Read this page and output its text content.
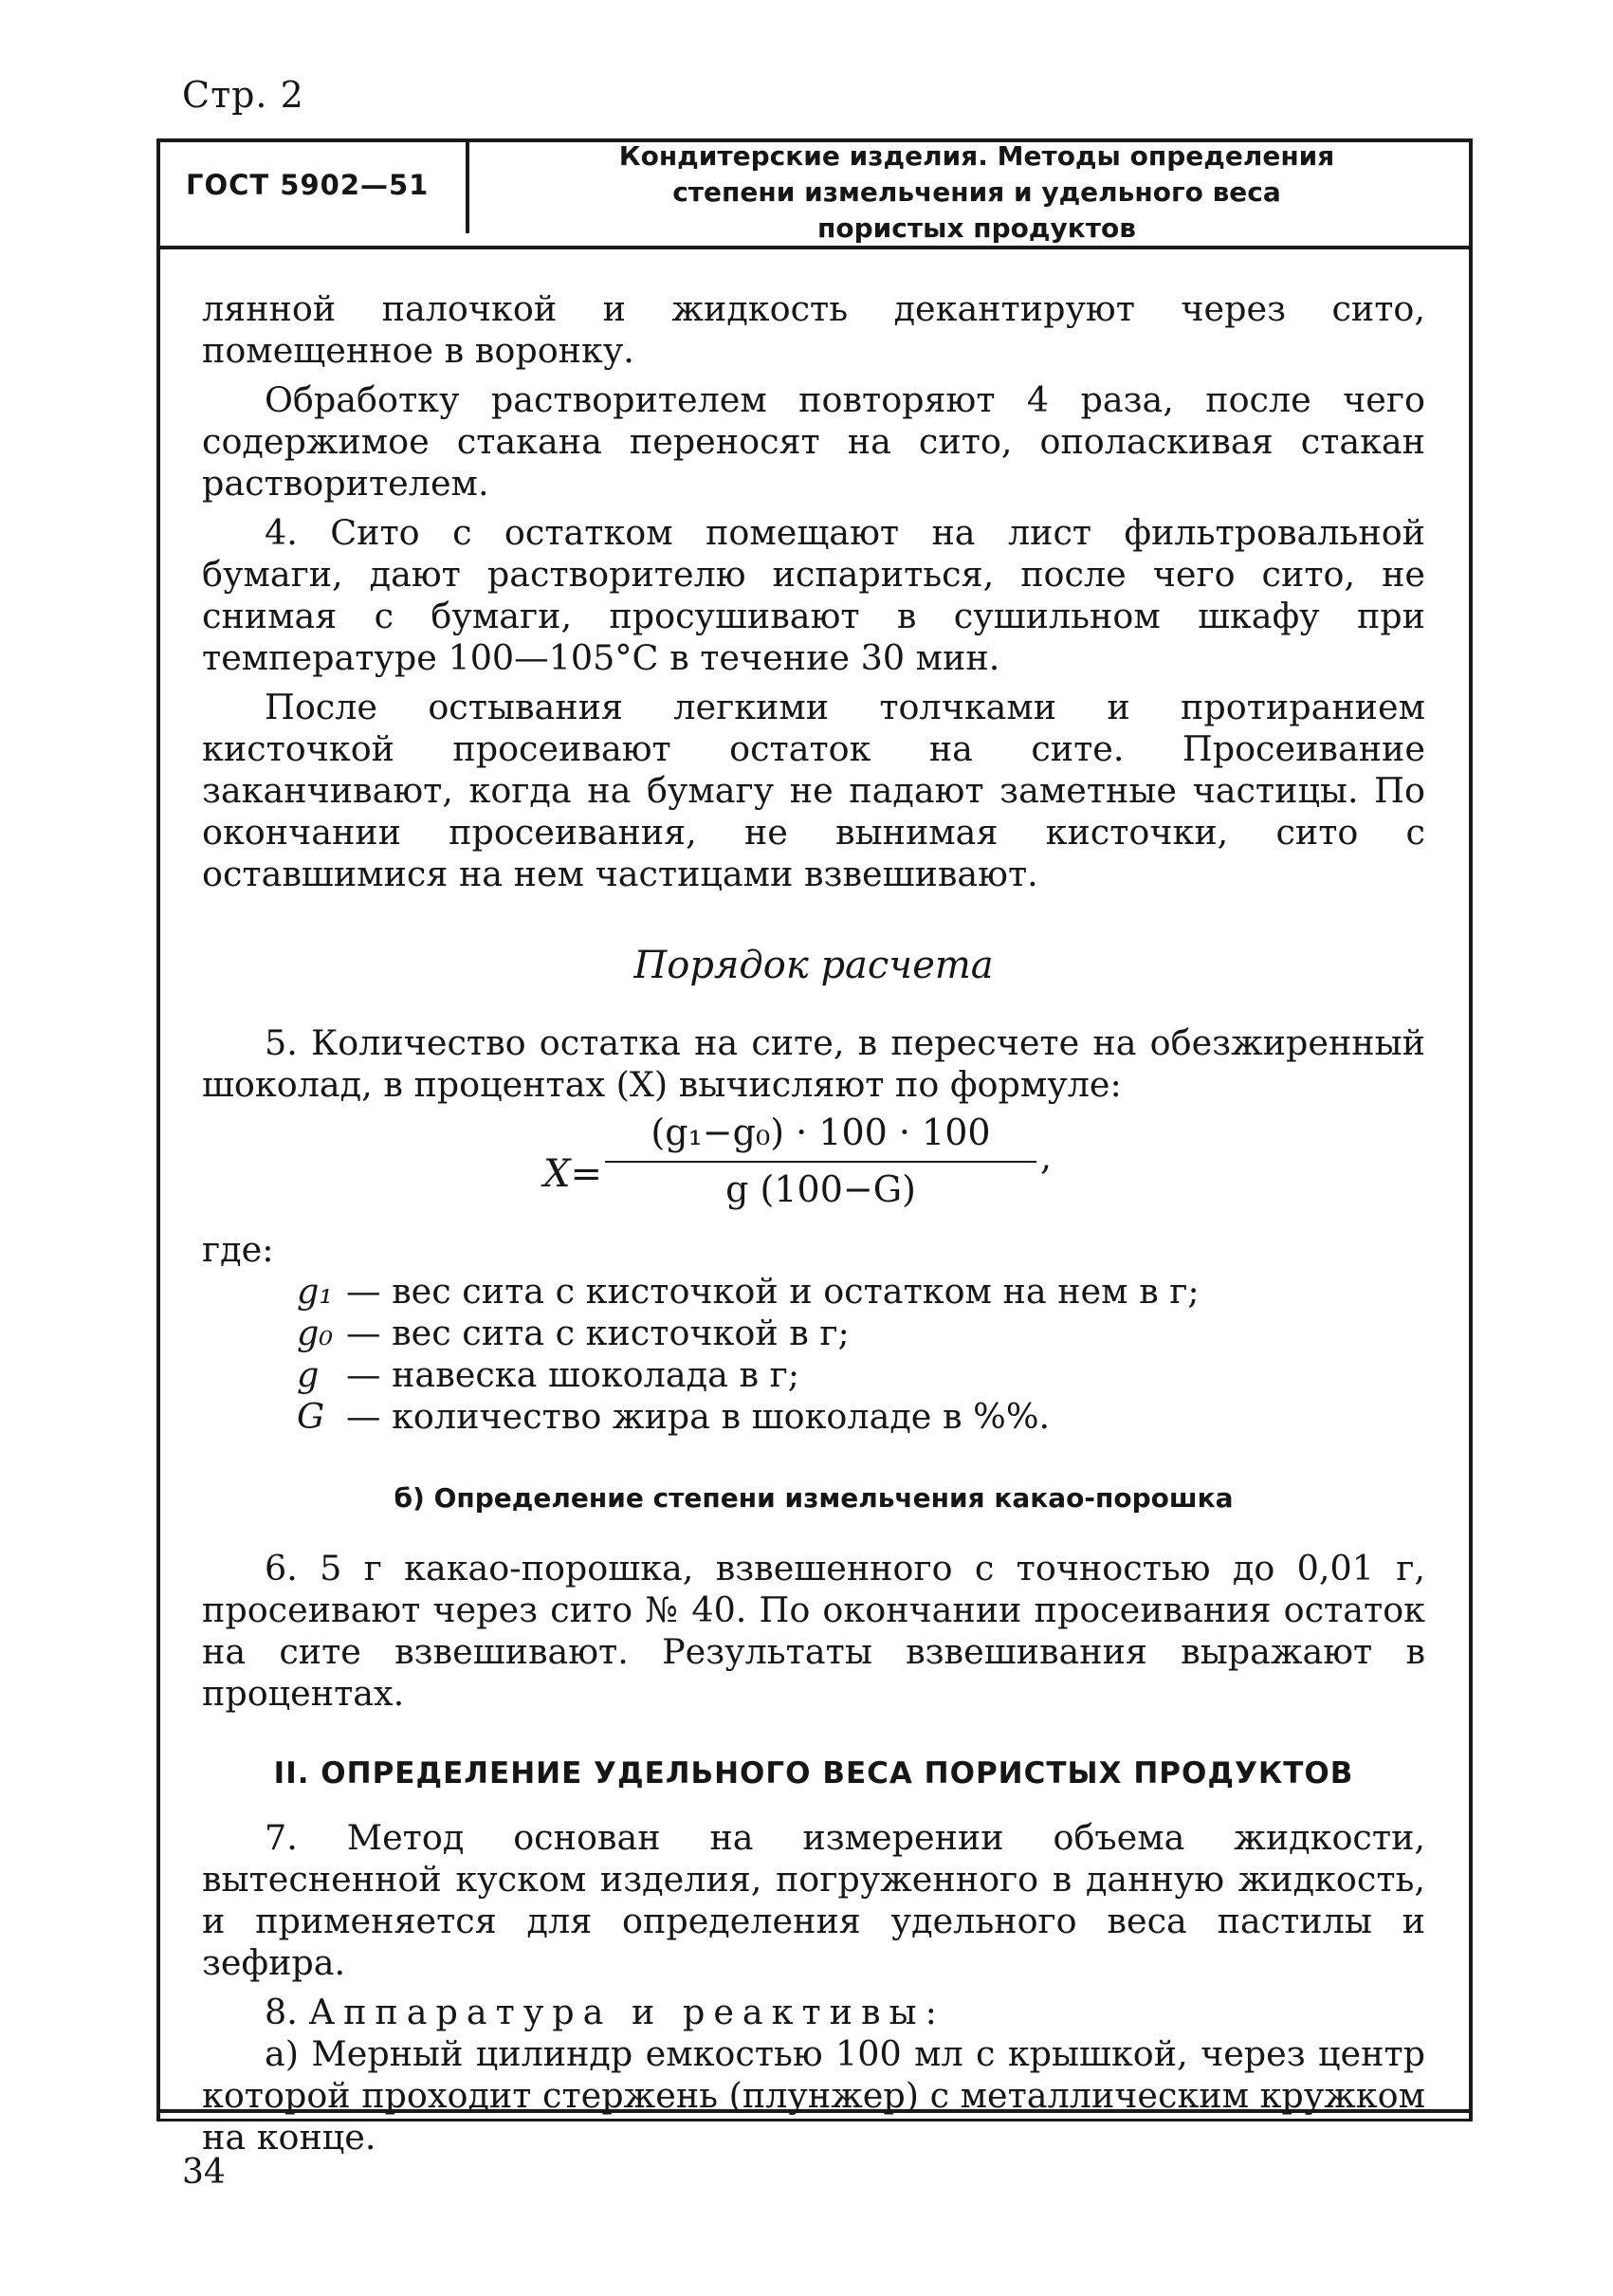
Стр. 2
ГОСТ 5902—51
Кондитерские изделия. Методы определения
степени измельчения и удельного веса
пористых продуктов

лянной палочкой и жидкость декантируют через сито, помещенное в воронку.

Обработку растворителем повторяют 4 раза, после чего содержимое стакана переносят на сито, ополаскивая стакан растворителем.

4. Сито с остатком помещают на лист фильтровальной бумаги, дают растворителю испариться, после чего сито, не снимая с бумаги, просушивают в сушильном шкафу при температуре 100—105°С в течение 30 мин.

После остывания легкими толчками и протиранием кисточкой просеивают остаток на сите. Просеивание заканчивают, когда на бумагу не падают заметные частицы. По окончании просеивания, не вынимая кисточки, сито с оставшимися на нем частицами взвешивают.

Порядок расчета

5. Количество остатка на сите, в пересчете на обезжиренный шоколад, в процентах (X) вычисляют по формуле:

X=
(g₁−g₀) · 100 · 100
g (100−G)
,
где:
g₁ — вес сита с кисточкой и остатком на нем в г;
g₀ — вес сита с кисточкой в г;
g — навеска шоколада в г;
G — количество жира в шоколаде в %%.
б) Определение степени измельчения какао-порошка

6. 5 г какао-порошка, взвешенного с точностью до 0,01 г, просеивают через сито № 40. По окончании просеивания остаток на сите взвешивают. Результаты взвешивания выражают в процентах.

II. ОПРЕДЕЛЕНИЕ УДЕЛЬНОГО ВЕСА ПОРИСТЫХ ПРОДУКТОВ

7. Метод основан на измерении объема жидкости, вытесненной куском изделия, погруженного в данную жидкость, и применяется для определения удельного веса пастилы и зефира.

8. Аппаратура и реактивы:

а) Мерный цилиндр емкостью 100 мл с крышкой, через центр которой проходит стержень (плунжер) с металлическим кружком на конце.

34
